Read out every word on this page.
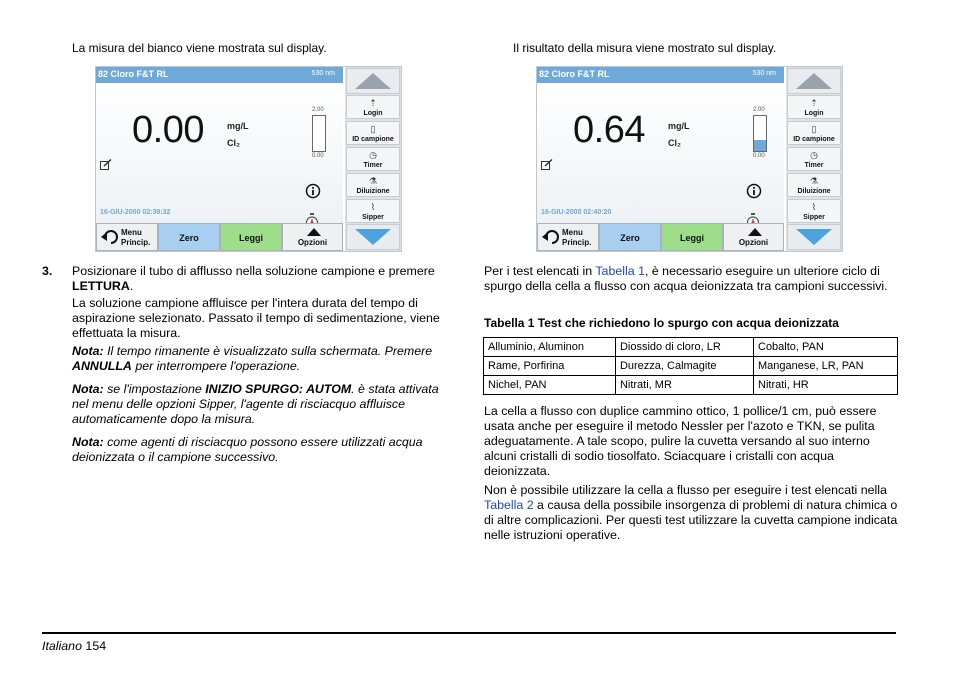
La misura del bianco viene mostrata sul display.
82 Cloro F&T RL	530 nm
0.00	mg/L
Cl₂
2.00
0.00
16-GIU-2000 02:39:32
⇡
Login
▯
ID campione
◷
Timer
⚗
Diluizione
⌇
Sipper
Menu
Princip.	Zero	Leggi	Opzioni
3. Posizionare il tubo di afflusso nella soluzione campione e premere LETTURA.

La soluzione campione affluisce per l'intera durata del tempo di aspirazione selezionato. Passato il tempo di sedimentazione, viene effettuata la misura.

Nota: Il tempo rimanente è visualizzato sulla schermata. Premere ANNULLA per interrompere l'operazione.

Nota: se l'impostazione INIZIO SPURGO: AUTOM. è stata attivata nel menu delle opzioni Sipper, l'agente di risciacquo affluisce automaticamente dopo la misura.

Nota: come agenti di risciacquo possono essere utilizzati acqua deionizzata o il campione successivo.

Il risultato della misura viene mostrato sul display.
82 Cloro F&T RL	530 nm
0.64	mg/L
Cl₂
2.00
0.00
16-GIU-2000 02:40:20
⇡
Login
▯
ID campione
◷
Timer
⚗
Diluizione
⌇
Sipper
Menu
Princip.	Zero	Leggi	Opzioni

Per i test elencati in Tabella 1, è necessario eseguire un ulteriore ciclo di spurgo della cella a flusso con acqua deionizzata tra campioni successivi.

Tabella 1 Test che richiedono lo spurgo con acqua deionizzata
Alluminio, Aluminon	Diossido di cloro, LR	Cobalto, PAN
Rame, Porfirina	Durezza, Calmagite	Manganese, LR, PAN
Nichel, PAN	Nitrati, MR	Nitrati, HR

La cella a flusso con duplice cammino ottico, 1 pollice/1 cm, può essere usata anche per eseguire il metodo Nessler per l'azoto e TKN, se pulita adeguatamente. A tale scopo, pulire la cuvetta versando al suo interno alcuni cristalli di sodio tiosolfato. Sciacquare i cristalli con acqua deionizzata.

Non è possibile utilizzare la cella a flusso per eseguire i test elencati nella Tabella 2 a causa della possibile insorgenza di problemi di natura chimica o di altre complicazioni. Per questi test utilizzare la cuvetta campione indicata nelle istruzioni operative.

Italiano 154
